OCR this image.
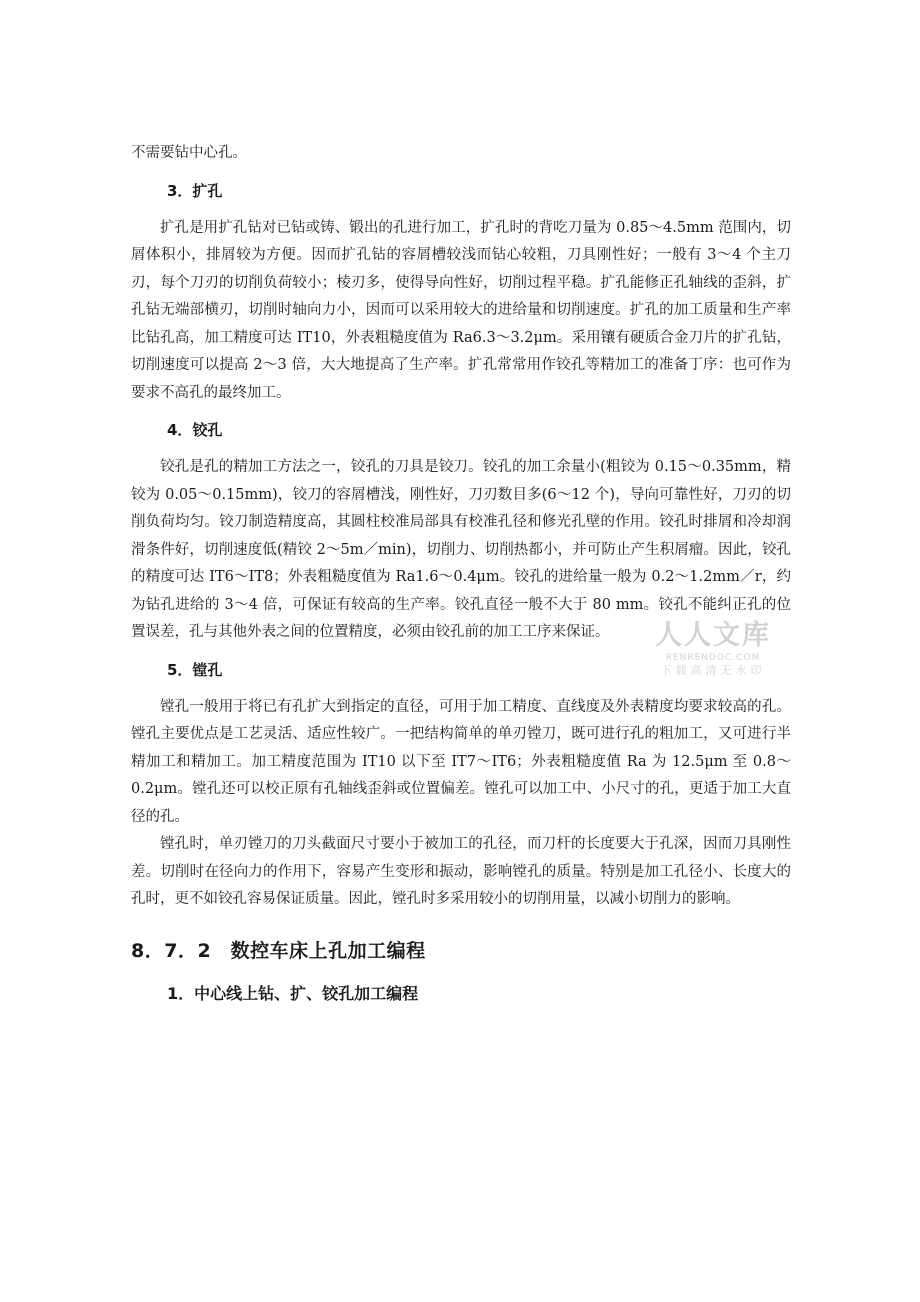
不需要钻中心孔。

3．扩孔

扩孔是用扩孔钻对已钻或铸、锻出的孔进行加工，扩孔时的背吃刀量为 0.85～4.5mm 范围内，切屑体积小，排屑较为方便。因而扩孔钻的容屑槽较浅而钻心较粗，刀具刚性好；一般有 3～4 个主刀刃，每个刀刃的切削负荷较小；棱刃多，使得导向性好，切削过程平稳。扩孔能修正孔轴线的歪斜，扩孔钻无端部横刃，切削时轴向力小，因而可以采用较大的进给量和切削速度。扩孔的加工质量和生产率比钻孔高，加工精度可达 IT10，外表粗糙度值为 Ra6.3～3.2μm。采用镶有硬质合金刀片的扩孔钻，切削速度可以提高 2～3 倍，大大地提高了生产率。扩孔常常用作铰孔等精加工的准备丁序：也可作为要求不高孔的最终加工。

4．铰孔

铰孔是孔的精加工方法之一，铰孔的刀具是铰刀。铰孔的加工余量小(粗铰为 0.15～0.35mm，精铰为 0.05～0.15mm)，铰刀的容屑槽浅，刚性好，刀刃数目多(6～12 个)，导向可靠性好，刀刃的切削负荷均匀。铰刀制造精度高，其圆柱校准局部具有校准孔径和修光孔壁的作用。铰孔时排屑和冷却润滑条件好，切削速度低(精铰 2～5m／min)，切削力、切削热都小，并可防止产生积屑瘤。因此，铰孔的精度可达 IT6～IT8；外表粗糙度值为 Ra1.6～0.4μm。铰孔的进给量一般为 0.2～1.2mm／r，约为钻孔进给的 3～4 倍，可保证有较高的生产率。铰孔直径一般不大于 80 mm。铰孔不能纠正孔的位置误差，孔与其他外表之间的位置精度，必须由铰孔前的加工工序来保证。

5．镗孔

镗孔一般用于将已有孔扩大到指定的直径，可用于加工精度、直线度及外表精度均要求较高的孔。镗孔主要优点是工艺灵活、适应性较广。一把结构简单的单刃镗刀，既可进行孔的粗加工，又可进行半精加工和精加工。加工精度范围为 IT10 以下至 IT7～IT6；外表粗糙度值 Ra 为 12.5μm 至 0.8～0.2μm。镗孔还可以校正原有孔轴线歪斜或位置偏差。镗孔可以加工中、小尺寸的孔，更适于加工大直径的孔。

镗孔时，单刃镗刀的刀头截面尺寸要小于被加工的孔径，而刀杆的长度要大于孔深，因而刀具刚性差。切削时在径向力的作用下，容易产生变形和振动，影响镗孔的质量。特别是加工孔径小、长度大的孔时，更不如铰孔容易保证质量。因此，镗孔时多采用较小的切削用量，以减小切削力的影响。

8．7．2　数控车床上孔加工编程
1．中心线上钻、扩、铰孔加工编程
人人文库
RENRENDOC.COM
下载高清无水印
